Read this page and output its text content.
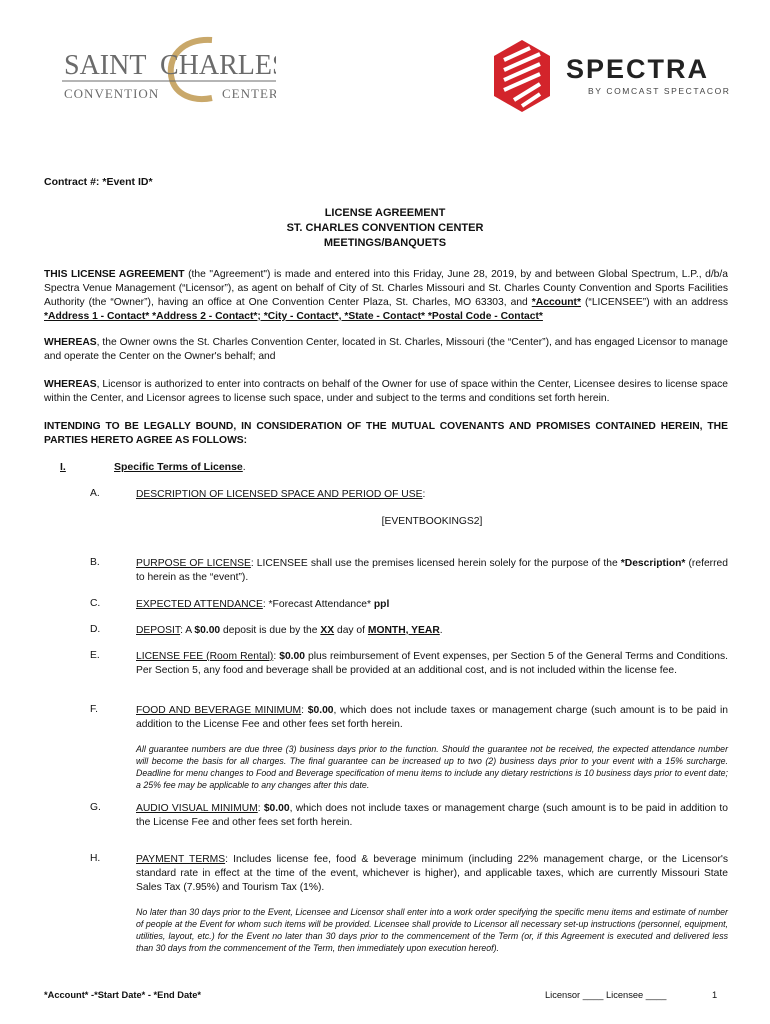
SAINT CHARLES
CONVENTION	CENTER
SPECTRA
BY COMCAST SPECTACOR
Contract #: *Event ID*
LICENSE AGREEMENT
ST. CHARLES CONVENTION CENTER
MEETINGS/BANQUETS
THIS LICENSE AGREEMENT (the "Agreement") is made and entered into this Friday, June 28, 2019, by and between Global Spectrum, L.P., d/b/a Spectra Venue Management (“Licensor”), as agent on behalf of City of St. Charles Missouri and St. Charles County Convention and Sports Facilities Authority (the “Owner”), having an office at One Convention Center Plaza, St. Charles, MO 63303, and *Account* (“LICENSEE”) with an address *Address 1 - Contact* *Address 2 - Contact*; *City - Contact*, *State - Contact* *Postal Code - Contact*
WHEREAS, the Owner owns the St. Charles Convention Center, located in St. Charles, Missouri (the “Center”), and has engaged Licensor to manage and operate the Center on the Owner's behalf; and
WHEREAS, Licensor is authorized to enter into contracts on behalf of the Owner for use of space within the Center, Licensee desires to license space within the Center, and Licensor agrees to license such space, under and subject to the terms and conditions set forth herein.
INTENDING TO BE LEGALLY BOUND, IN CONSIDERATION OF THE MUTUAL COVENANTS AND PROMISES CONTAINED HEREIN, THE PARTIES HERETO AGREE AS FOLLOWS:
I.	Specific Terms of License.
A.	DESCRIPTION OF LICENSED SPACE AND PERIOD OF USE:
[EVENTBOOKINGS2]
B.	PURPOSE OF LICENSE: LICENSEE shall use the premises licensed herein solely for the purpose of the *Description* (referred to herein as the “event”).
C.	EXPECTED ATTENDANCE: *Forecast Attendance* ppl
D.	DEPOSIT: A $0.00 deposit is due by the XX day of MONTH, YEAR.
E.	LICENSE FEE (Room Rental): $0.00 plus reimbursement of Event expenses, per Section 5 of the General Terms and Conditions. Per Section 5, any food and beverage shall be provided at an additional cost, and is not included within the license fee.
F.	FOOD AND BEVERAGE MINIMUM: $0.00, which does not include taxes or management charge (such amount is to be paid in addition to the License Fee and other fees set forth herein.
All guarantee numbers are due three (3) business days prior to the function. Should the guarantee not be received, the expected attendance number will become the basis for all charges. The final guarantee can be increased up to two (2) business days prior to your event with a 15% surcharge. Deadline for menu changes to Food and Beverage specification of menu items to include any dietary restrictions is 10 business days prior to event date; a 25% fee may be applicable to any changes after this date.
G.	AUDIO VISUAL MINIMUM: $0.00, which does not include taxes or management charge (such amount is to be paid in addition to the License Fee and other fees set forth herein.
H.	PAYMENT TERMS: Includes license fee, food & beverage minimum (including 22% management charge, or the Licensor's standard rate in effect at the time of the event, whichever is higher), and applicable taxes, which are currently Missouri State Sales Tax (7.95%) and Tourism Tax (1%).
No later than 30 days prior to the Event, Licensee and Licensor shall enter into a work order specifying the specific menu items and estimate of number of people at the Event for whom such items will be provided. Licensee shall provide to Licensor all necessary set-up instructions (personnel, equipment, utilities, layout, etc.) for the Event no later than 30 days prior to the commencement of the Term (or, if this Agreement is executed and delivered less than 30 days from the commencement of the Term, then immediately upon execution hereof).
*Account* -*Start Date* - *End Date*	Licensor ____ Licensee ____	1
